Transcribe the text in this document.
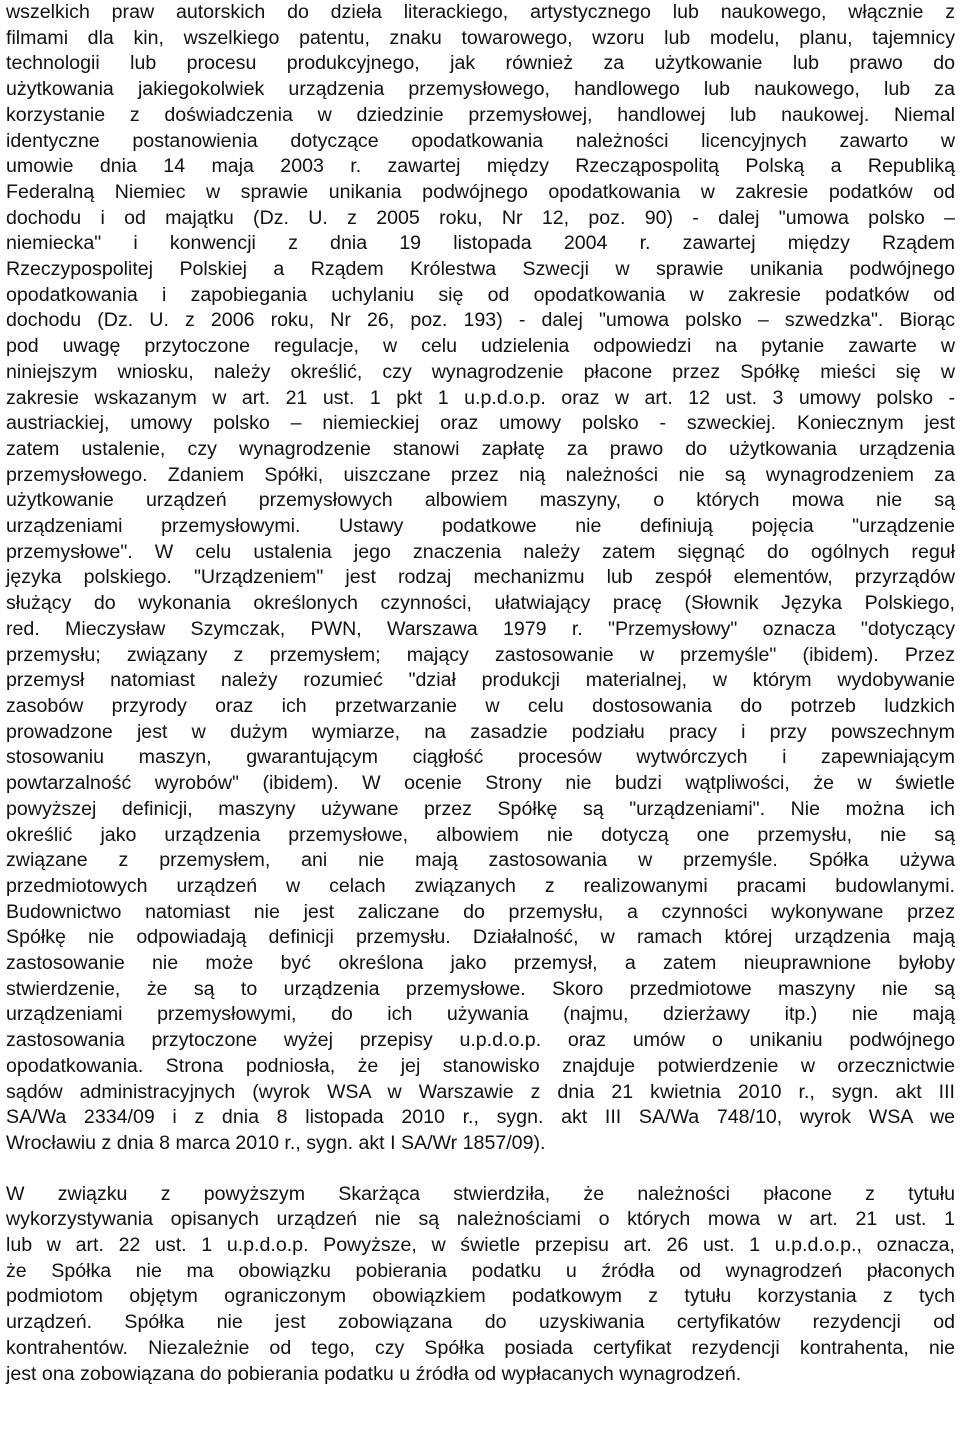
wszelkich praw autorskich do dzieła literackiego, artystycznego lub naukowego, włącznie z
filmami dla kin, wszelkiego patentu, znaku towarowego, wzoru lub modelu, planu, tajemnicy
technologii lub procesu produkcyjnego, jak również za użytkowanie lub prawo do
użytkowania jakiegokolwiek urządzenia przemysłowego, handlowego lub naukowego, lub za
korzystanie z doświadczenia w dziedzinie przemysłowej, handlowej lub naukowej. Niemal
identyczne postanowienia dotyczące opodatkowania należności licencyjnych zawarto w
umowie dnia 14 maja 2003 r. zawartej między Rzecząpospolitą Polską a Republiką
Federalną Niemiec w sprawie unikania podwójnego opodatkowania w zakresie podatków od
dochodu i od majątku (Dz. U. z 2005 roku, Nr 12, poz. 90) - dalej "umowa polsko –
niemiecka" i konwencji z dnia 19 listopada 2004 r. zawartej między Rządem
Rzeczypospolitej Polskiej a Rządem Królestwa Szwecji w sprawie unikania podwójnego
opodatkowania i zapobiegania uchylaniu się od opodatkowania w zakresie podatków od
dochodu (Dz. U. z 2006 roku, Nr 26, poz. 193) - dalej "umowa polsko – szwedzka". Biorąc
pod uwagę przytoczone regulacje, w celu udzielenia odpowiedzi na pytanie zawarte w
niniejszym wniosku, należy określić, czy wynagrodzenie płacone przez Spółkę mieści się w
zakresie wskazanym w art. 21 ust. 1 pkt 1 u.p.d.o.p. oraz w art. 12 ust. 3 umowy polsko -
austriackiej, umowy polsko – niemieckiej oraz umowy polsko - szweckiej. Koniecznym jest
zatem ustalenie, czy wynagrodzenie stanowi zapłatę za prawo do użytkowania urządzenia
przemysłowego. Zdaniem Spółki, uiszczane przez nią należności nie są wynagrodzeniem za
użytkowanie urządzeń przemysłowych albowiem maszyny, o których mowa nie są
urządzeniami przemysłowymi. Ustawy podatkowe nie definiują pojęcia "urządzenie
przemysłowe". W celu ustalenia jego znaczenia należy zatem sięgnąć do ogólnych reguł
języka polskiego. "Urządzeniem" jest rodzaj mechanizmu lub zespół elementów, przyrządów
służący do wykonania określonych czynności, ułatwiający pracę (Słownik Języka Polskiego,
red. Mieczysław Szymczak, PWN, Warszawa 1979 r. "Przemysłowy" oznacza "dotyczący
przemysłu; związany z przemysłem; mający zastosowanie w przemyśle" (ibidem). Przez
przemysł natomiast należy rozumieć "dział produkcji materialnej, w którym wydobywanie
zasobów przyrody oraz ich przetwarzanie w celu dostosowania do potrzeb ludzkich
prowadzone jest w dużym wymiarze, na zasadzie podziału pracy i przy powszechnym
stosowaniu maszyn, gwarantującym ciągłość procesów wytwórczych i zapewniającym
powtarzalność wyrobów" (ibidem). W ocenie Strony nie budzi wątpliwości, że w świetle
powyższej definicji, maszyny używane przez Spółkę są "urządzeniami". Nie można ich
określić jako urządzenia przemysłowe, albowiem nie dotyczą one przemysłu, nie są
związane z przemysłem, ani nie mają zastosowania w przemyśle. Spółka używa
przedmiotowych urządzeń w celach związanych z realizowanymi pracami budowlanymi.
Budownictwo natomiast nie jest zaliczane do przemysłu, a czynności wykonywane przez
Spółkę nie odpowiadają definicji przemysłu. Działalność, w ramach której urządzenia mają
zastosowanie nie może być określona jako przemysł, a zatem nieuprawnione byłoby
stwierdzenie, że są to urządzenia przemysłowe. Skoro przedmiotowe maszyny nie są
urządzeniami przemysłowymi, do ich używania (najmu, dzierżawy itp.) nie mają
zastosowania przytoczone wyżej przepisy u.p.d.o.p. oraz umów o unikaniu podwójnego
opodatkowania. Strona podniosła, że jej stanowisko znajduje potwierdzenie w orzecznictwie
sądów administracyjnych (wyrok WSA w Warszawie z dnia 21 kwietnia 2010 r., sygn. akt III
SA/Wa 2334/09 i z dnia 8 listopada 2010 r., sygn. akt III SA/Wa 748/10, wyrok WSA we
Wrocławiu z dnia 8 marca 2010 r., sygn. akt I SA/Wr 1857/09).
W związku z powyższym Skarżąca stwierdziła, że należności płacone z tytułu
wykorzystywania opisanych urządzeń nie są należnościami o których mowa w art. 21 ust. 1
lub w art. 22 ust. 1 u.p.d.o.p. Powyższe, w świetle przepisu art. 26 ust. 1 u.p.d.o.p., oznacza,
że Spółka nie ma obowiązku pobierania podatku u źródła od wynagrodzeń płaconych
podmiotom objętym ograniczonym obowiązkiem podatkowym z tytułu korzystania z tych
urządzeń. Spółka nie jest zobowiązana do uzyskiwania certyfikatów rezydencji od
kontrahentów. Niezależnie od tego, czy Spółka posiada certyfikat rezydencji kontrahenta, nie
jest ona zobowiązana do pobierania podatku u źródła od wypłacanych wynagrodzeń.
